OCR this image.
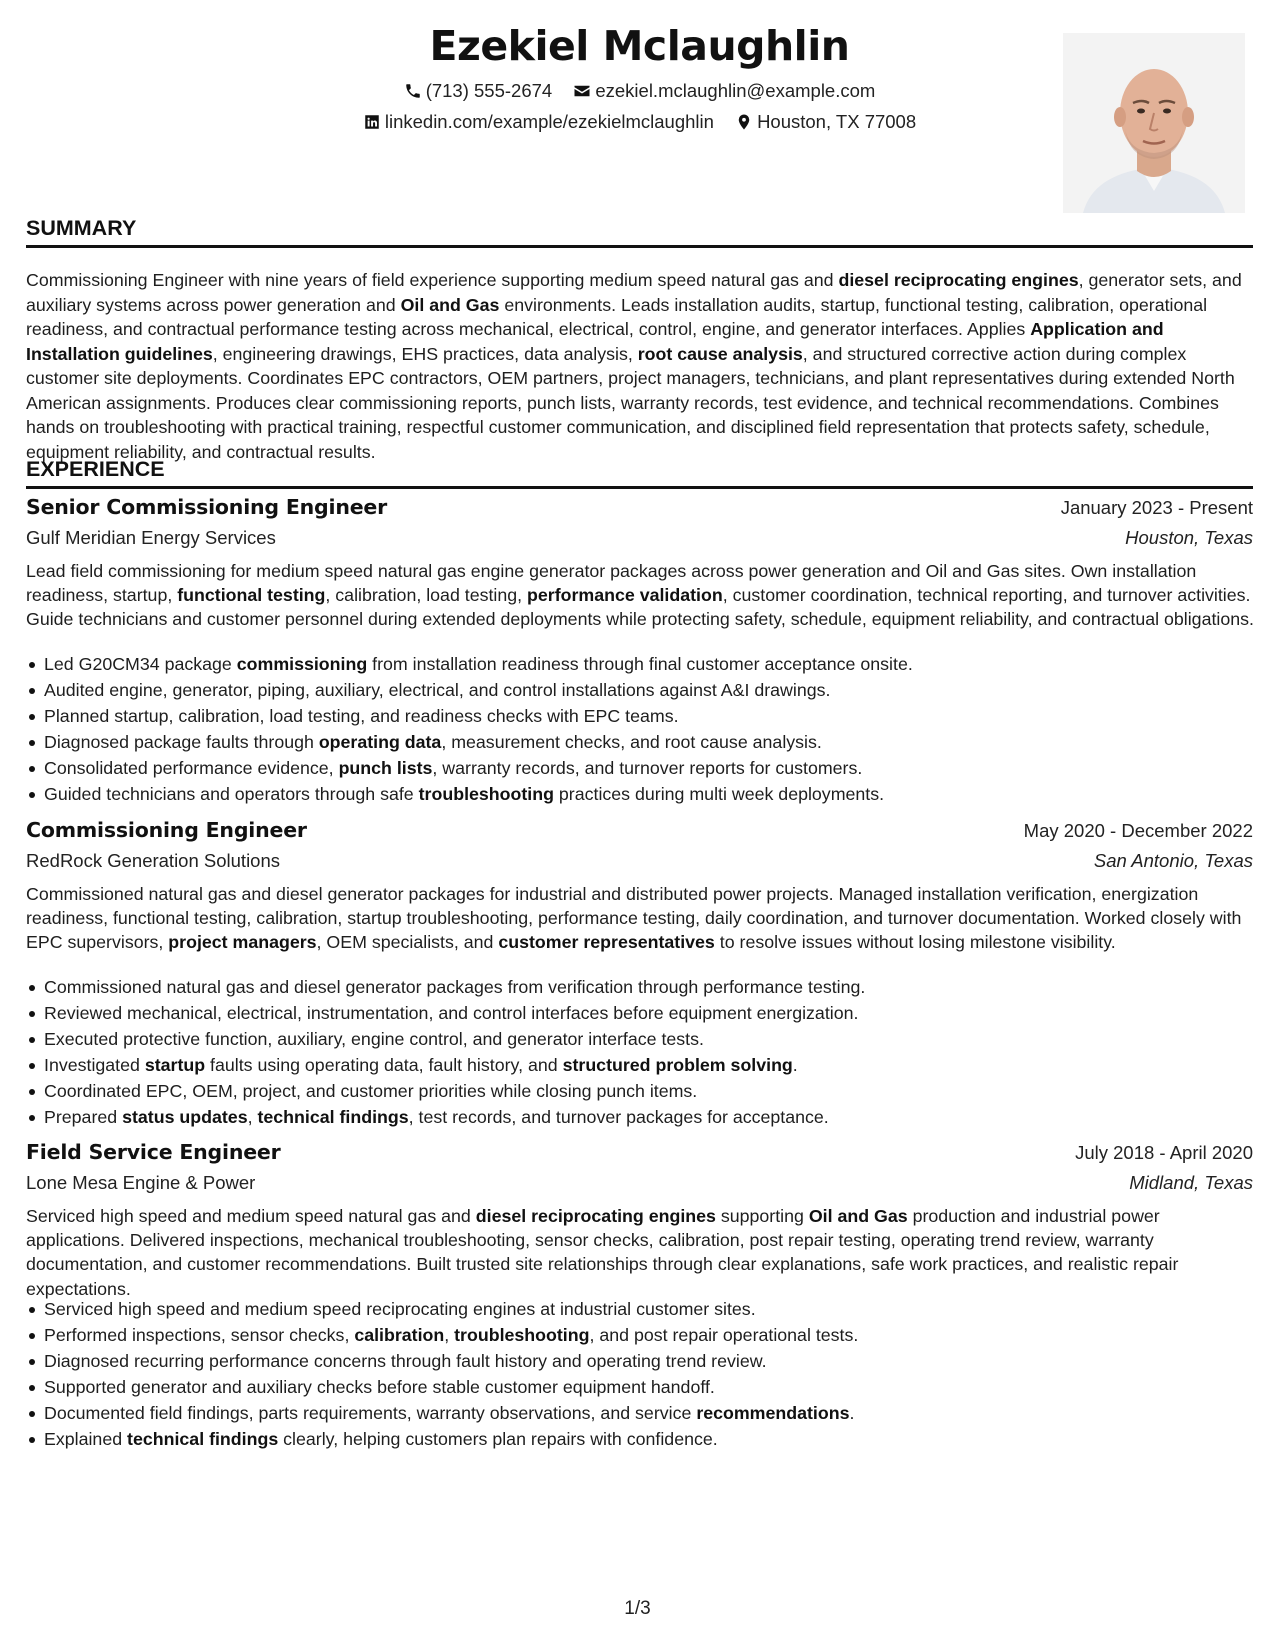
Ezekiel Mclaughlin
(713) 555-2674
ezekiel.mclaughlin@example.com
linkedin.com/example/ezekielmclaughlin
Houston, TX 77008
SUMMARY
Commissioning Engineer with nine years of field experience supporting medium speed natural gas and diesel reciprocating engines, generator sets, and auxiliary systems across power generation and Oil and Gas environments. Leads installation audits, startup, functional testing, calibration, operational readiness, and contractual performance testing across mechanical, electrical, control, engine, and generator interfaces. Applies Application and Installation guidelines, engineering drawings, EHS practices, data analysis, root cause analysis, and structured corrective action during complex customer site deployments. Coordinates EPC contractors, OEM partners, project managers, technicians, and plant representatives during extended North American assignments. Produces clear commissioning reports, punch lists, warranty records, test evidence, and technical recommendations. Combines hands on troubleshooting with practical training, respectful customer communication, and disciplined field representation that protects safety, schedule, equipment reliability, and contractual results.
EXPERIENCE
Senior Commissioning Engineer	January 2023 - Present
Gulf Meridian Energy Services	Houston, Texas
Lead field commissioning for medium speed natural gas engine generator packages across power generation and Oil and Gas sites. Own installation readiness, startup, functional testing, calibration, load testing, performance validation, customer coordination, technical reporting, and turnover activities. Guide technicians and customer personnel during extended deployments while protecting safety, schedule, equipment reliability, and contractual obligations.
Led G20CM34 package commissioning from installation readiness through final customer acceptance onsite.
Audited engine, generator, piping, auxiliary, electrical, and control installations against A&I drawings.
Planned startup, calibration, load testing, and readiness checks with EPC teams.
Diagnosed package faults through operating data, measurement checks, and root cause analysis.
Consolidated performance evidence, punch lists, warranty records, and turnover reports for customers.
Guided technicians and operators through safe troubleshooting practices during multi week deployments.
Commissioning Engineer	May 2020 - December 2022
RedRock Generation Solutions	San Antonio, Texas
Commissioned natural gas and diesel generator packages for industrial and distributed power projects. Managed installation verification, energization readiness, functional testing, calibration, startup troubleshooting, performance testing, daily coordination, and turnover documentation. Worked closely with EPC supervisors, project managers, OEM specialists, and customer representatives to resolve issues without losing milestone visibility.
Commissioned natural gas and diesel generator packages from verification through performance testing.
Reviewed mechanical, electrical, instrumentation, and control interfaces before equipment energization.
Executed protective function, auxiliary, engine control, and generator interface tests.
Investigated startup faults using operating data, fault history, and structured problem solving.
Coordinated EPC, OEM, project, and customer priorities while closing punch items.
Prepared status updates, technical findings, test records, and turnover packages for acceptance.
Field Service Engineer	July 2018 - April 2020
Lone Mesa Engine & Power	Midland, Texas
Serviced high speed and medium speed natural gas and diesel reciprocating engines supporting Oil and Gas production and industrial power applications. Delivered inspections, mechanical troubleshooting, sensor checks, calibration, post repair testing, operating trend review, warranty documentation, and customer recommendations. Built trusted site relationships through clear explanations, safe work practices, and realistic repair expectations.
Serviced high speed and medium speed reciprocating engines at industrial customer sites.
Performed inspections, sensor checks, calibration, troubleshooting, and post repair operational tests.
Diagnosed recurring performance concerns through fault history and operating trend review.
Supported generator and auxiliary checks before stable customer equipment handoff.
Documented field findings, parts requirements, warranty observations, and service recommendations.
Explained technical findings clearly, helping customers plan repairs with confidence.
1/3
